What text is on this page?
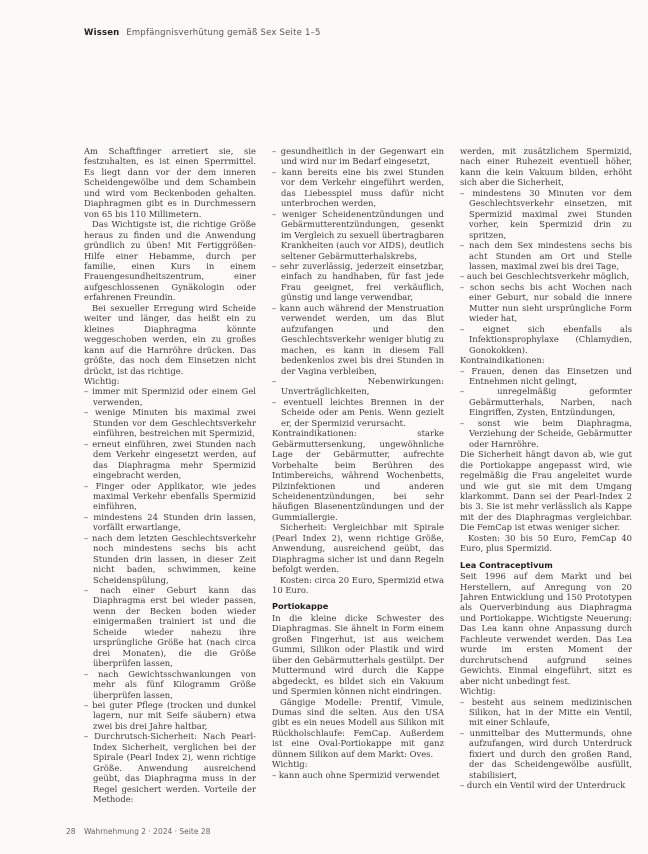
Wissen Empfängnisverhütung gemäß Sex Seite 1–5

Am Schaftfinger arretiert sie, sie festzuhalten, es ist einen Sperrmittel. Es liegt dann vor der dem inneren Scheidengewölbe und dem Schambein und wird vom Beckenboden gehalten. Diaphragmen gibt es in Durchmessern von 65 bis 110 Millimetern.

Das Wichtigste ist, die richtige Größe heraus zu finden und die Anwendung gründlich zu üben! Mit Fertiggrößen-Hilfe einer Hebamme, durch per familie, einen Kurs in einem Frauengesundheitszentrum, einer aufgeschlossenen Gynäkologin oder erfahrenen Freundin.

Bei sexueller Erregung wird Scheide weiter und länger, das heißt ein zu kleines Diaphragma könnte weggeschoben werden, ein zu großes kann auf die Harnröhre drücken. Das größte, das noch dem Einsetzen nicht drückt, ist das richtige.

Wichtig:

– immer mit Spermizid oder einem Gel verwenden,
– wenige Minuten bis maximal zwei Stunden vor dem Geschlechtsverkehr einführen, bestreichen mit Spermizid,
– erneut einführen, zwei Stunden nach dem Verkehr eingesetzt werden, auf das Diaphragma mehr Spermizid eingebracht werden,
– Finger oder Applikator, wie jedes maximal Verkehr ebenfalls Spermizid einführen,
– mindestens 24 Stunden drin lassen, vorfällt erwartlange,
– nach dem letzten Geschlechtsverkehr noch mindestens sechs bis acht Stunden drin lassen, in dieser Zeit nicht baden, schwimmen, keine Scheidenspülung,
– nach einer Geburt kann das Diaphragma erst bei wieder passen, wenn der Becken boden wieder einigermaßen trainiert ist und die Scheide wieder nahezu ihre ursprüngliche Größe hat (nach circa drei Monaten), die die Größe überprüfen lassen,
– nach Gewichtsschwankungen von mehr als fünf Kilogramm Größe überprüfen lassen,
– bei guter Pflege (trocken und dunkel lagern, nur mit Seife säubern) etwa zwei bis drei Jahre haltbar,
– Durchrutsch-Sicherheit: Nach Pearl-Index Sicherheit, verglichen bei der Spirale (Pearl Index 2), wenn richtige Größe. Anwendung ausreichend geübt, das Diaphragma muss in der Regel gesichert werden. Vorteile der Methode:
– gesundheitlich in der Gegenwart ein und wird nur im Bedarf eingesetzt,
– kann bereits eine bis zwei Stunden vor dem Verkehr eingeführt werden, das Liebesspiel muss dafür nicht unterbrochen werden,
– weniger Scheidenentzündungen und Gebärmutterentzündungen, gesenkt im Vergleich zu sexuell übertragbaren Krankheiten (auch vor AIDS), deutlich seltener Gebärmutterhalskrebs,
– sehr zuverlässig, jederzeit einsetzbar, einfach zu handhaben, für fast jede Frau geeignet, frei verkäuflich, günstig und lange verwendbar,
– kann auch während der Menstruation verwendet werden, um das Blut aufzufangen und den Geschlechtsverkehr weniger blutig zu machen, es kann in diesem Fall bedenkenlos zwei bis drei Stunden in der Vagina verbleiben,
– Nebenwirkungen: Unverträglichkeiten,
– eventuell leichtes Brennen in der Scheide oder am Penis. Wenn gezielt er, der Spermizid verursacht.

Kontraindikationen: starke Gebärmuttersenkung, ungewöhnliche Lage der Gebärmutter, aufrechte Vorbehalte beim Berühren des Intimbereichs, während Wochenbetts, Pilzinfektionen und anderen Scheidenentzündungen, bei sehr häufigen Blasenentzündungen und der Gummiallergie.

Sicherheit: Vergleichbar mit Spirale (Pearl Index 2), wenn richtige Größe, Anwendung, ausreichend geübt, das Diaphragma sicher ist und dann Regeln befolgt werden.

Kosten: circa 20 Euro, Spermizid etwa 10 Euro.

Portiokappe

In die kleine dicke Schwester des Diaphragmas. Sie ähnelt in Form einem großen Fingerhut, ist aus weichem Gummi, Silikon oder Plastik und wird über den Gebärmutterhals gestülpt. Der Muttermund wird durch die Kappe abgedeckt, es bildet sich ein Vakuum und Spermien können nicht eindringen.

Gängige Modelle: Prentif, Vimule, Dumas sind die selten. Aus den USA gibt es ein neues Modell aus Silikon mit Rückholschlaufe: FemCap. Außerdem ist eine Oval-Portiokappe mit ganz dünnem Silikon auf dem Markt: Oves.

Wichtig:

– kann auch ohne Spermizid verwendet

werden, mit zusätzlichem Spermizid, nach einer Ruhezeit eventuell höher, kann die kein Vakuum bilden, erhöht sich aber die Sicherheit,

– mindestens 30 Minuten vor dem Geschlechtsverkehr einsetzen, mit Spermizid maximal zwei Stunden vorher, kein Spermizid drin zu spritzen,
– nach dem Sex mindestens sechs bis acht Stunden am Ort und Stelle lassen, maximal zwei bis drei Tage,
– auch bei Geschlechtsverkehr möglich,
– schon sechs bis acht Wochen nach einer Geburt, nur sobald die innere Mutter nun sieht ursprüngliche Form wieder hat,
– eignet sich ebenfalls als Infektionsprophylaxe (Chlamydien, Gonokokken).

Kontraindikationen:

– Frauen, denen das Einsetzen und Entnehmen nicht gelingt,
– unregelmäßig geformter Gebärmutterhals, Narben, nach Eingriffen, Zysten, Entzündungen,
– sonst wie beim Diaphragma, Verziehung der Scheide, Gebärmutter oder Harnröhre.

Die Sicherheit hängt davon ab, wie gut die Portiokappe angepasst wird, wie regelmäßig die Frau angeleitet wurde und wie gut sie mit dem Umgang klarkommt. Dann sei der Pearl-Index 2 bis 3. Sie ist mehr verlässlich als Kappe mit der des Diaphragmas vergleichbar. Die FemCap ist etwas weniger sicher.

Kosten: 30 bis 50 Euro, FemCap 40 Euro, plus Spermizid.

Lea Contraceptivum

Seit 1996 auf dem Markt und bei Herstellern, auf Anregung von 20 Jahren Entwicklung und 150 Prototypen als Querverbindung aus Diaphragma und Portiokappe. Wichtigste Neuerung: Das Lea kann ohne Anpassung durch Fachleute verwendet werden. Das Lea wurde im ersten Moment der durchrutschend aufgrund seines Gewichts. Einmal eingeführt, sitzt es aber nicht unbedingt fest.

Wichtig:

– besteht aus seinem medizinischen Silikon, hat in der Mitte ein Ventil, mit einer Schlaufe,
– unmittelbar des Muttermunds, ohne aufzufangen, wird durch Unterdruck fixiert und durch den großen Rand, der das Scheidengewölbe ausfüllt, stabilisiert,
– durch ein Ventil wird der Unterdruck
28 Wahrnehmung 2 · 2024 · Seite 28
